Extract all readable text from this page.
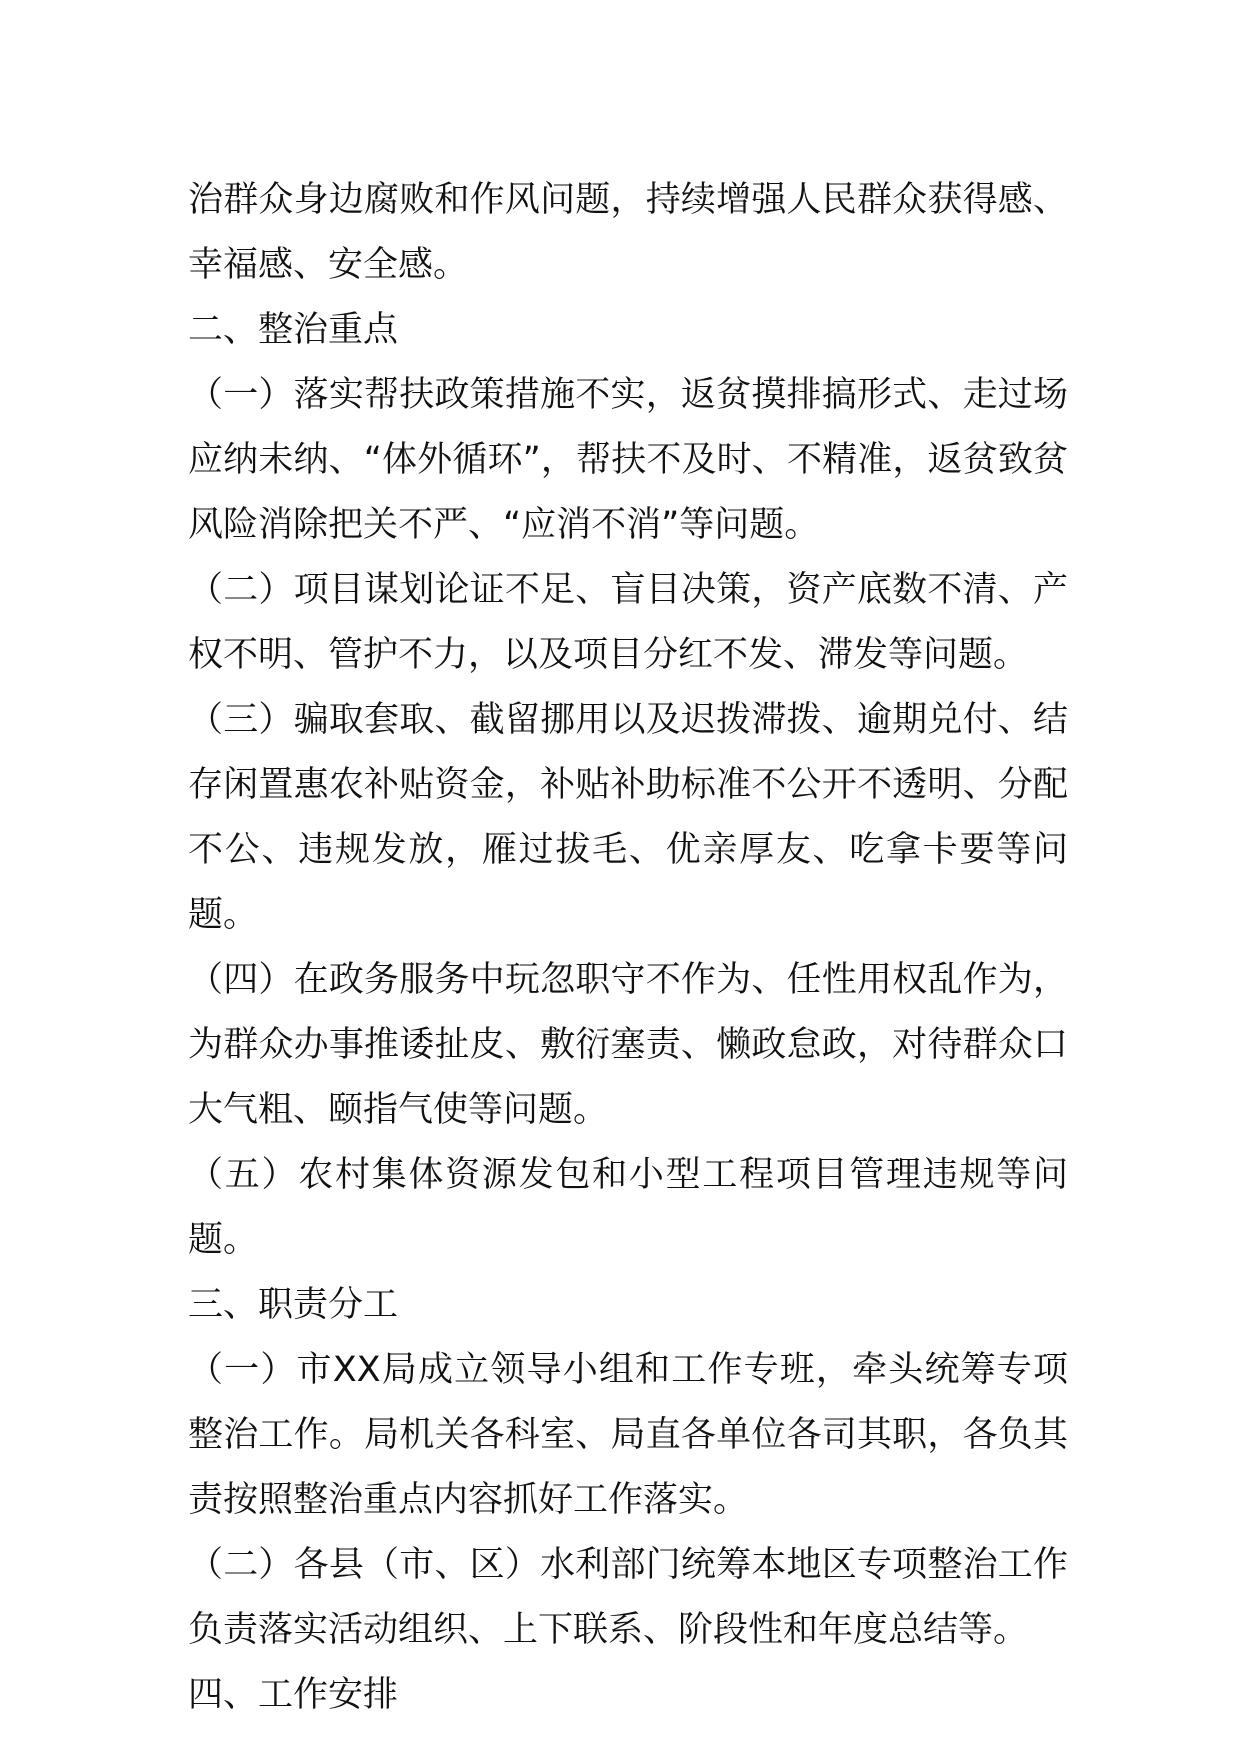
治群众身边腐败和作风问题，持续增强人民群众获得感、幸福感、安全感。

二、整治重点

（一）落实帮扶政策措施不实，返贫摸排搞形式、走过场应纳未纳、“体外循环”，帮扶不及时、不精准，返贫致贫风险消除把关不严、“应消不消”等问题。

（二）项目谋划论证不足、盲目决策，资产底数不清、产权不明、管护不力，以及项目分红不发、滞发等问题。

（三）骗取套取、截留挪用以及迟拨滞拨、逾期兑付、结存闲置惠农补贴资金，补贴补助标准不公开不透明、分配不公、违规发放，雁过拔毛、优亲厚友、吃拿卡要等问题。

（四）在政务服务中玩忽职守不作为、任性用权乱作为，为群众办事推诿扯皮、敷衍塞责、懒政怠政，对待群众口大气粗、颐指气使等问题。

（五）农村集体资源发包和小型工程项目管理违规等问题。

三、职责分工

（一）市XX局成立领导小组和工作专班，牵头统筹专项整治工作。局机关各科室、局直各单位各司其职，各负其责按照整治重点内容抓好工作落实。

（二）各县（市、区）水利部门统筹本地区专项整治工作负责落实活动组织、上下联系、阶段性和年度总结等。

四、工作安排
